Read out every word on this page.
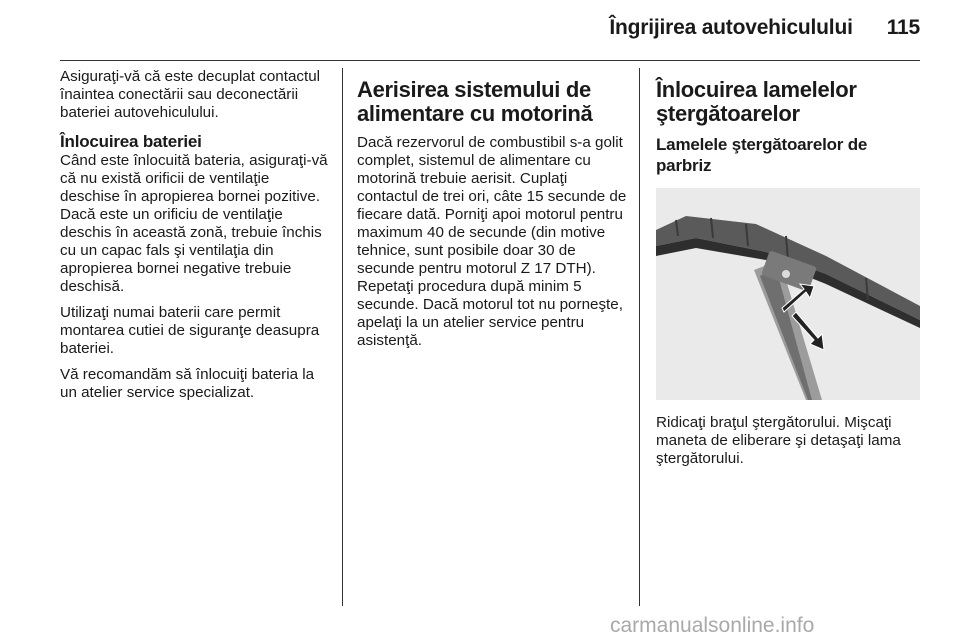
Îngrijirea autovehiculului 115

Asiguraţi-vă că este decuplat contactul înaintea conectării sau deconectării bateriei autovehiculului.

Înlocuirea bateriei

Când este înlocuită bateria, asiguraţi-vă că nu există orificii de ventilaţie deschise în apropierea bornei pozitive. Dacă este un orificiu de ventilaţie deschis în această zonă, trebuie închis cu un capac fals şi ventilaţia din apropierea bornei negative trebuie deschisă.

Utilizaţi numai baterii care permit montarea cutiei de siguranţe deasupra bateriei.

Vă recomandăm să înlocuiţi bateria la un atelier service specializat.

Aerisirea sistemului de alimentare cu motorină

Dacă rezervorul de combustibil s-a golit complet, sistemul de alimentare cu motorină trebuie aerisit. Cuplaţi contactul de trei ori, câte 15 secunde de fiecare dată. Porniţi apoi motorul pentru maximum 40 de secunde (din motive tehnice, sunt posibile doar 30 de secunde pentru motorul Z 17 DTH). Repetaţi procedura după minim 5 secunde. Dacă motorul tot nu porneşte, apelaţi la un atelier service pentru asistenţă.

Înlocuirea lamelelor ştergătoarelor
Lamelele ştergătoarelor de parbriz

Ridicaţi braţul ştergătorului. Mişcaţi maneta de eliberare şi detaşaţi lama ştergătorului.

carmanualsonline.info
